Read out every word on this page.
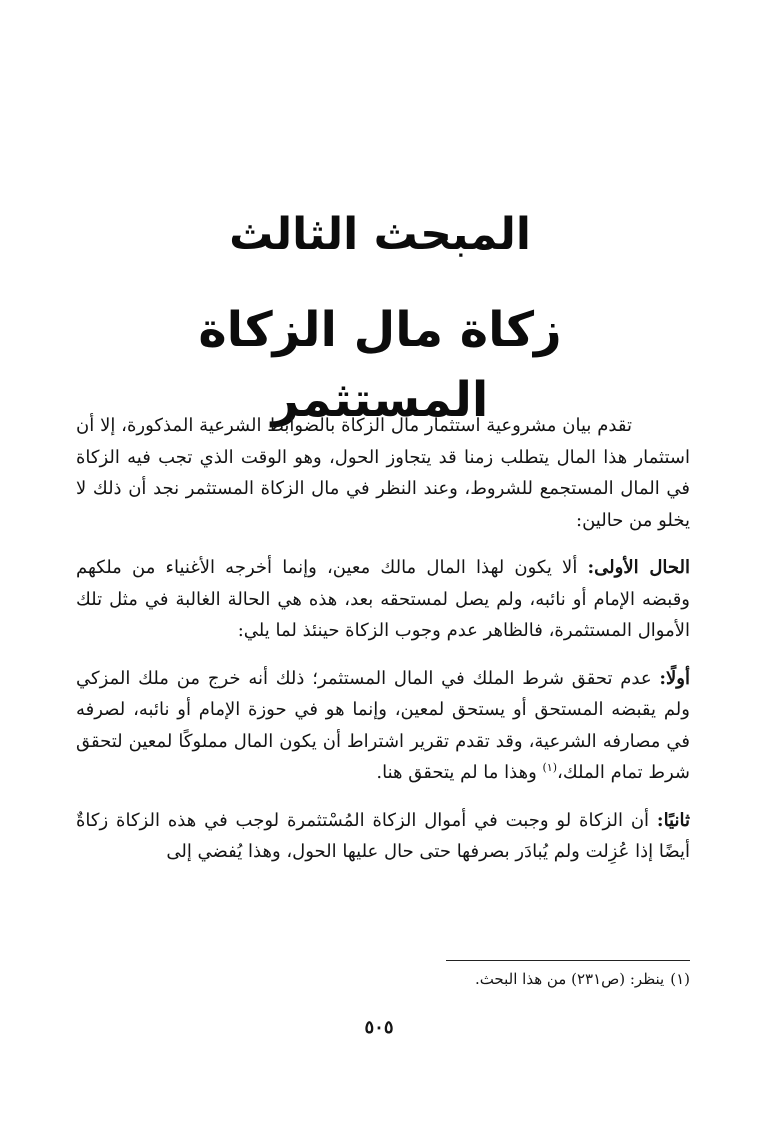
المبحث الثالث
زكاة مال الزكاة المستثمر

تقدم بيان مشروعية استثمار مال الزكاة بالضوابط الشرعية المذكورة، إلا أن استثمار هذا المال يتطلب زمنا قد يتجاوز الحول، وهو الوقت الذي تجب فيه الزكاة في المال المستجمع للشروط، وعند النظر في مال الزكاة المستثمر نجد أن ذلك لا يخلو من حالين:

الحال الأولى: ألا يكون لهذا المال مالك معين، وإنما أخرجه الأغنياء من ملكهم وقبضه الإمام أو نائبه، ولم يصل لمستحقه بعد، هذه هي الحالة الغالبة في مثل تلك الأموال المستثمرة، فالظاهر عدم وجوب الزكاة حينئذ لما يلي:

أولًا: عدم تحقق شرط الملك في المال المستثمر؛ ذلك أنه خرج من ملك المزكي ولم يقبضه المستحق أو يستحق لمعين، وإنما هو في حوزة الإمام أو نائبه، لصرفه في مصارفه الشرعية، وقد تقدم تقرير اشتراط أن يكون المال مملوكًا لمعين لتحقق شرط تمام الملك،$^{(١)}$ وهذا ما لم يتحقق هنا.

ثانيًا: أن الزكاة لو وجبت في أموال الزكاة المُسْتثمرة لوجب في هذه الزكاة زكاةٌ أيضًا إذا عُزِلت ولم يُبادَر بصرفها حتى حال عليها الحول، وهذا يُفضي إلى

(١)ينظر: (ص٢٣١) من هذا البحث.
٥٠٥
